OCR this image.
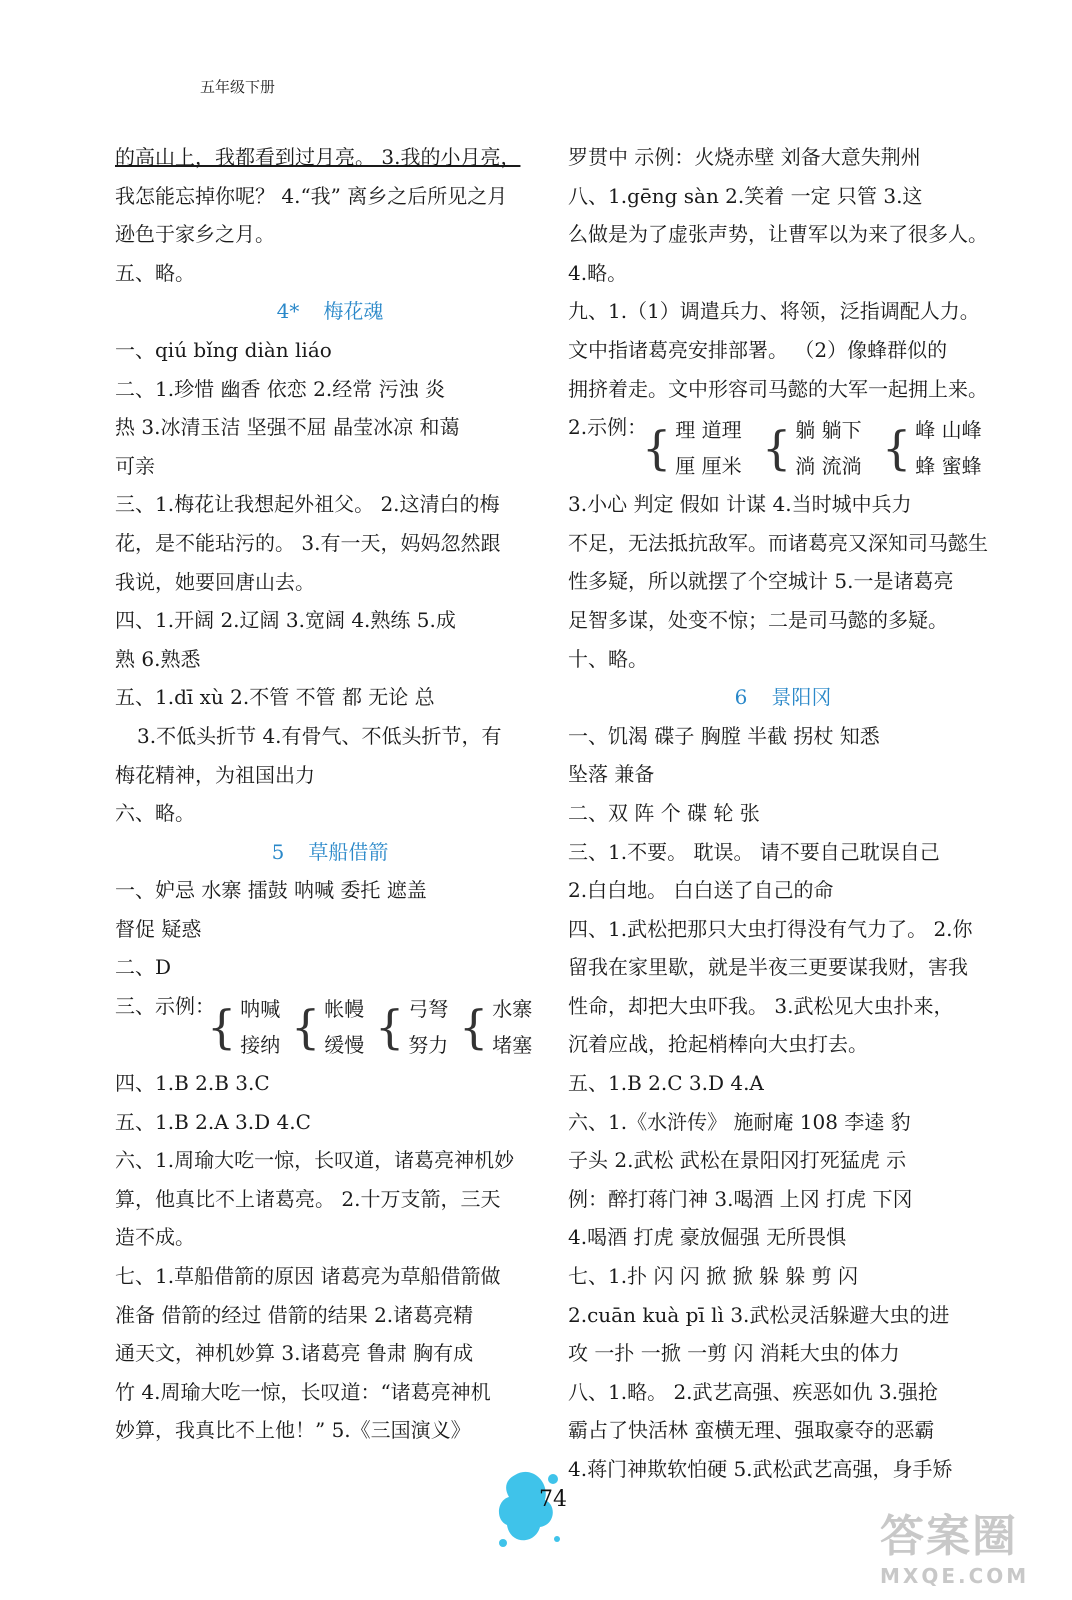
五年级下册
的高山上，我都看到过月亮。 3.我的小月亮，
我怎能忘掉你呢？ 4.“我” 离乡之后所见之月
逊色于家乡之月。
五、略。
4* 梅花魂
一、qiú bǐng diàn liáo
二、1.珍惜 幽香 依恋 2.经常 污浊 炎
热 3.冰清玉洁 坚强不屈 晶莹冰凉 和蔼
可亲
三、1.梅花让我想起外祖父。 2.这清白的梅
花，是不能玷污的。 3.有一天，妈妈忽然跟
我说，她要回唐山去。
四、1.开阔 2.辽阔 3.宽阔 4.熟练 5.成
熟 6.熟悉
五、1.dī xù 2.不管 不管 都 无论 总
3.不低头折节 4.有骨气、不低头折节，有
梅花精神，为祖国出力
六、略。
5 草船借箭
一、妒忌 水寨 擂鼓 呐喊 委托 遮盖
督促 疑惑
二、D
三、示例：
{ 呐喊
接纳 { 帐幔
缓慢 { 弓弩
努力 { 水寨
堵塞
四、1.B 2.B 3.C
五、1.B 2.A 3.D 4.C
六、1.周瑜大吃一惊，长叹道，诸葛亮神机妙
算，他真比不上诸葛亮。 2.十万支箭，三天
造不成。
七、1.草船借箭的原因 诸葛亮为草船借箭做
准备 借箭的经过 借箭的结果 2.诸葛亮精
通天文，神机妙算 3.诸葛亮 鲁肃 胸有成
竹 4.周瑜大吃一惊，长叹道：“诸葛亮神机
妙算，我真比不上他！” 5.《三国演义》
罗贯中 示例：火烧赤壁 刘备大意失荆州
八、1.gēng sàn 2.笑着 一定 只管 3.这
么做是为了虚张声势，让曹军以为来了很多人。
4.略。
九、1.（1）调遣兵力、将领，泛指调配人力。
文中指诸葛亮安排部署。 （2）像蜂群似的
拥挤着走。文中形容司马懿的大军一起拥上来。
2.示例：
{ 理 道理
厘 厘米 { 躺 躺下
淌 流淌 { 峰 山峰
蜂 蜜蜂
3.小心 判定 假如 计谋 4.当时城中兵力
不足，无法抵抗敌军。而诸葛亮又深知司马懿生
性多疑，所以就摆了个空城计 5.一是诸葛亮
足智多谋，处变不惊；二是司马懿的多疑。
十、略。
6 景阳冈
一、饥渴 碟子 胸膛 半截 拐杖 知悉
坠落 兼备
二、双 阵 个 碟 轮 张
三、1.不要。 耽误。 请不要自己耽误自己
2.白白地。 白白送了自己的命
四、1.武松把那只大虫打得没有气力了。 2.你
留我在家里歇，就是半夜三更要谋我财，害我
性命，却把大虫吓我。 3.武松见大虫扑来，
沉着应战，抢起梢棒向大虫打去。
五、1.B 2.C 3.D 4.A
六、1.《水浒传》 施耐庵 108 李逵 豹
子头 2.武松 武松在景阳冈打死猛虎 示
例：醉打蒋门神 3.喝酒 上冈 打虎 下冈
4.喝酒 打虎 豪放倔强 无所畏惧
七、1.扑 闪 闪 掀 掀 躲 躲 剪 闪
2.cuān kuà pī lì 3.武松灵活躲避大虫的进
攻 一扑 一掀 一剪 闪 消耗大虫的体力
八、1.略。 2.武艺高强、疾恶如仇 3.强抢
霸占了快活林 蛮横无理、强取豪夺的恶霸
4.蒋门神欺软怕硬 5.武松武艺高强，身手矫
74
答案圈
MXQE.COM
